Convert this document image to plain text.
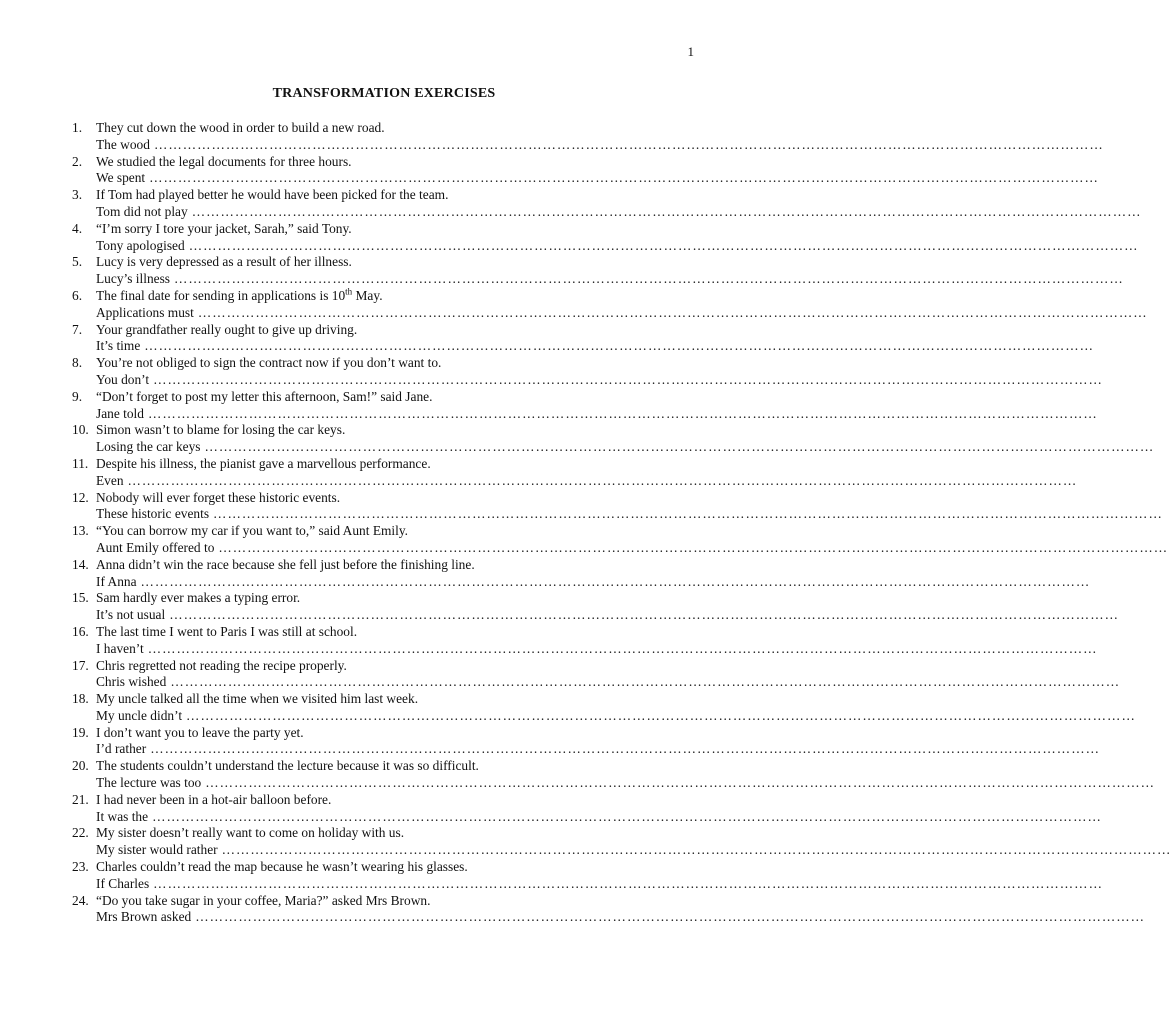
1
TRANSFORMATION EXERCISES
1.	They cut down the wood in order to build a new road.
The wood ………………………………………………………………………………………………………………………………………………………………………………
2.	We studied the legal documents for three hours.
We spent ………………………………………………………………………………………………………………………………………………………………………………
3.	If Tom had played better he would have been picked for the team.
Tom did not play ………………………………………………………………………………………………………………………………………………………………………………
4.	“I’m sorry I tore your jacket, Sarah,” said Tony.
Tony apologised ………………………………………………………………………………………………………………………………………………………………………………
5.	Lucy is very depressed as a result of her illness.
Lucy’s illness ………………………………………………………………………………………………………………………………………………………………………………
6.	The final date for sending in applications is 10th May.
Applications must ………………………………………………………………………………………………………………………………………………………………………………
7.	Your grandfather really ought to give up driving.
It’s time ………………………………………………………………………………………………………………………………………………………………………………
8.	You’re not obliged to sign the contract now if you don’t want to.
You don’t ………………………………………………………………………………………………………………………………………………………………………………
9.	“Don’t forget to post my letter this afternoon, Sam!” said Jane.
Jane told ………………………………………………………………………………………………………………………………………………………………………………
10. Simon wasn’t to blame for losing the car keys.
Losing the car keys ………………………………………………………………………………………………………………………………………………………………………………
11. Despite his illness, the pianist gave a marvellous performance.
Even ………………………………………………………………………………………………………………………………………………………………………………
12. Nobody will ever forget these historic events.
These historic events ………………………………………………………………………………………………………………………………………………………………………………
13. “You can borrow my car if you want to,” said Aunt Emily.
Aunt Emily offered to ………………………………………………………………………………………………………………………………………………………………………………
14. Anna didn’t win the race because she fell just before the finishing line.
If Anna ………………………………………………………………………………………………………………………………………………………………………………
15. Sam hardly ever makes a typing error.
It’s not usual ………………………………………………………………………………………………………………………………………………………………………………
16. The last time I went to Paris I was still at school.
I haven’t ………………………………………………………………………………………………………………………………………………………………………………
17. Chris regretted not reading the recipe properly.
Chris wished ………………………………………………………………………………………………………………………………………………………………………………
18. My uncle talked all the time when we visited him last week.
My uncle didn’t ………………………………………………………………………………………………………………………………………………………………………………
19. I don’t want you to leave the party yet.
I’d rather ………………………………………………………………………………………………………………………………………………………………………………
20. The students couldn’t understand the lecture because it was so difficult.
The lecture was too ………………………………………………………………………………………………………………………………………………………………………………
21. I had never been in a hot-air balloon before.
It was the ………………………………………………………………………………………………………………………………………………………………………………
22. My sister doesn’t really want to come on holiday with us.
My sister would rather ………………………………………………………………………………………………………………………………………………………………………………
23. Charles couldn’t read the map because he wasn’t wearing his glasses.
If Charles ………………………………………………………………………………………………………………………………………………………………………………
24. “Do you take sugar in your coffee, Maria?” asked Mrs Brown.
Mrs Brown asked ………………………………………………………………………………………………………………………………………………………………………………
